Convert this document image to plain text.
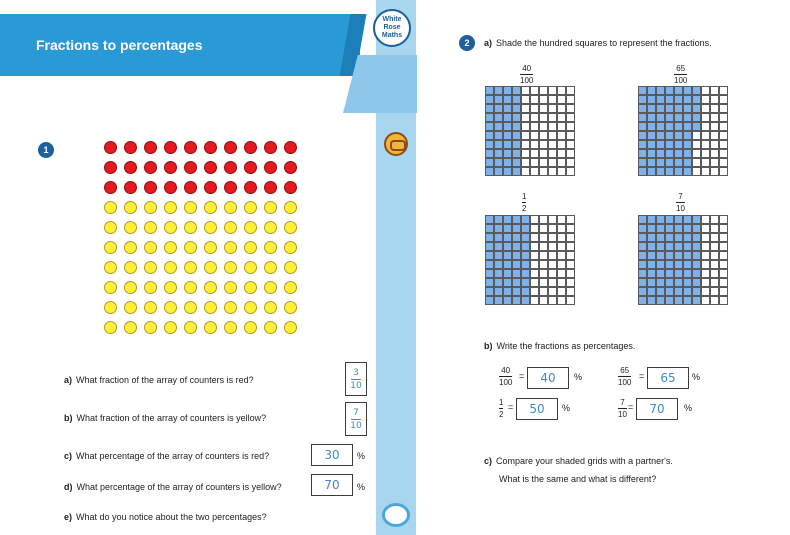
Fractions to percentages
White
Rose
Maths
1
a) What fraction of the array of counters is red?
3
10
b) What fraction of the array of counters is yellow?
7
10
c) What percentage of the array of counters is red?	30	%
d) What percentage of the array of counters is yellow?	70	%
e) What do you notice about the two percentages?
2	a) Shade the hundred squares to represent the fractions.
40
100
65
100
1
2
7
10
b) Write the fractions as percentages.
40
100
=	40	%
65
100
=	65	%
1
2
=	50	%
7
10
=	70	%
c) Compare your shaded grids with a partner's.
What is the same and what is different?
